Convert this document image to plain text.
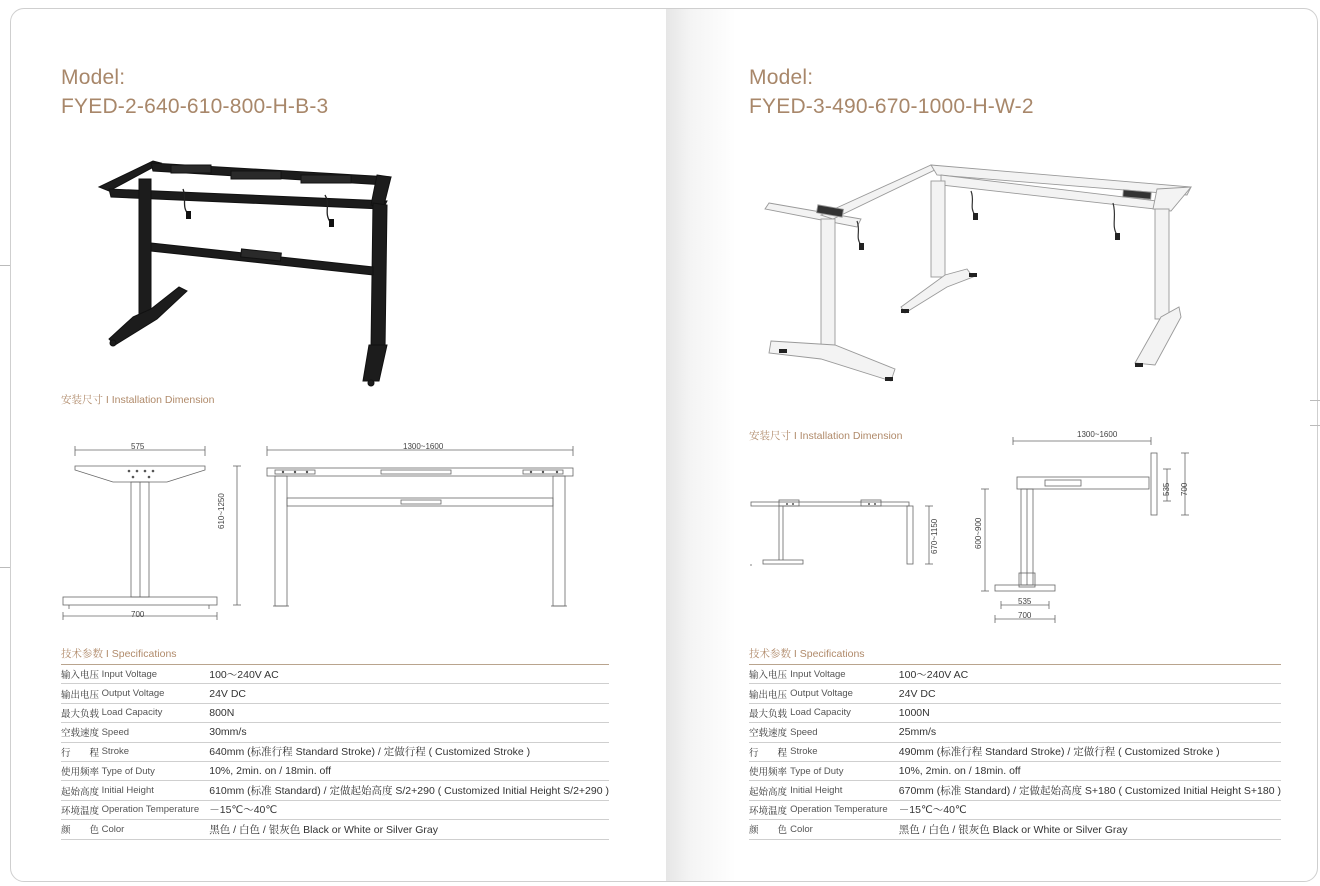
Model:
FYED-2-640-610-800-H-B-3
安装尺寸 I Installation Dimension
575
610~1250
700
1300~1600
技术参数 I Specifications
输入电压	Input Voltage	100～240V AC
输出电压	Output Voltage	24V DC
最大负载	Load Capacity	800N
空载速度	Speed	30mm/s
行　　程	Stroke	640mm (标准行程 Standard Stroke) / 定做行程 ( Customized Stroke )
使用频率	Type of Duty	10%, 2min. on / 18min. off
起始高度	Initial Height	610mm (标准 Standard) / 定做起始高度 S/2+290 ( Customized Initial Height S/2+290 )
环境温度	Operation Temperature	－15℃～40℃
颜　　色	Color	黑色 / 白色 / 银灰色 Black or White or Silver Gray
Model:
FYED-3-490-670-1000-H-W-2
安装尺寸 I Installation Dimension
670~1150
1300~1600
600~900
535 700
535
700
技术参数 I Specifications
输入电压	Input Voltage	100～240V AC
输出电压	Output Voltage	24V DC
最大负载	Load Capacity	1000N
空载速度	Speed	25mm/s
行　　程	Stroke	490mm (标准行程 Standard Stroke) / 定做行程 ( Customized Stroke )
使用频率	Type of Duty	10%, 2min. on / 18min. off
起始高度	Initial Height	670mm (标准 Standard) / 定做起始高度 S+180 ( Customized Initial Height S+180 )
环境温度	Operation Temperature	－15℃～40℃
颜　　色	Color	黑色 / 白色 / 银灰色 Black or White or Silver Gray
